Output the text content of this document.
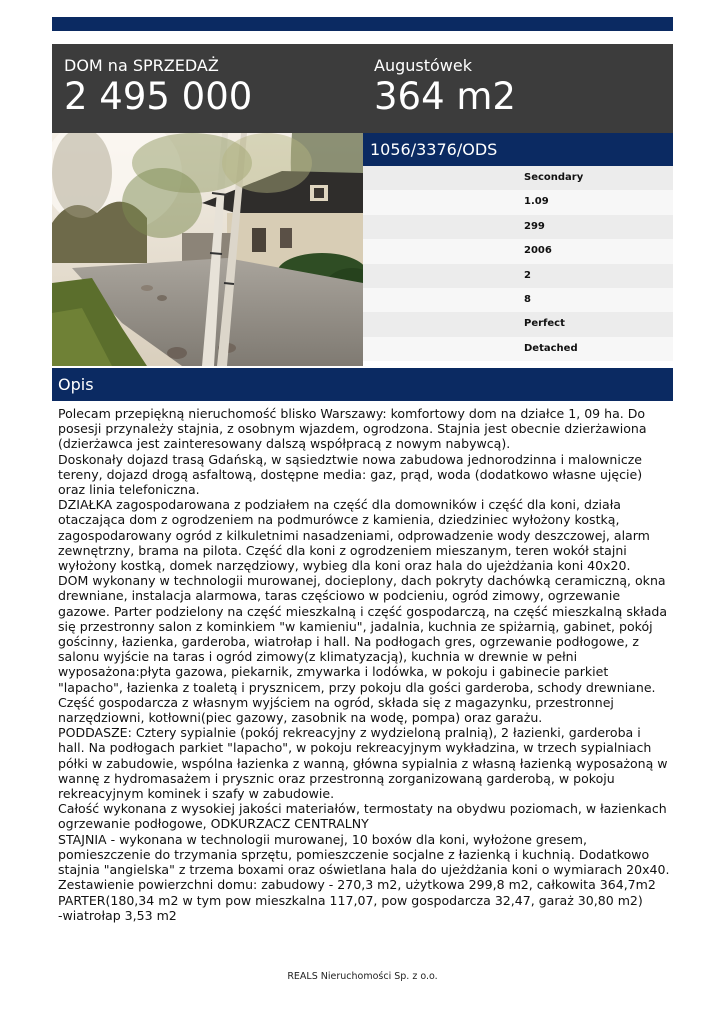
DOM na SPRZEDAŻ
2 495 000
Augustówek
364 m2
1056/3376/ODS
Secondary
1.09
299
2006
2
8
Perfect
Detached
Opis

Polecam przepiękną nieruchomość blisko Warszawy: komfortowy dom na działce 1, 09 ha. Do posesji przynależy stajnia, z osobnym wjazdem, ogrodzona. Stajnia jest obecnie dzierżawiona (dzierżawca jest zainteresowany dalszą współpracą z nowym nabywcą).

Doskonały dojazd trasą Gdańską, w sąsiedztwie nowa zabudowa jednorodzinna i malownicze tereny, dojazd drogą asfaltową, dostępne media: gaz, prąd, woda (dodatkowo własne ujęcie) oraz linia telefoniczna.

DZIAŁKA zagospodarowana z podziałem na część dla domowników i część dla koni, działa otaczająca dom z ogrodzeniem na podmurówce z kamienia, dziedziniec wyłożony kostką, zagospodarowany ogród z kilkuletnimi nasadzeniami, odprowadzenie wody deszczowej, alarm zewnętrzny, brama na pilota. Część dla koni z ogrodzeniem mieszanym, teren wokół stajni wyłożony kostką, domek narzędziowy, wybieg dla koni oraz hala do ujeżdżania koni 40x20.

DOM wykonany w technologii murowanej, docieplony, dach pokryty dachówką ceramiczną, okna drewniane, instalacja alarmowa, taras częściowo w podcieniu, ogród zimowy, ogrzewanie gazowe. Parter podzielony na część mieszkalną i część gospodarczą, na część mieszkalną składa się przestronny salon z kominkiem "w kamieniu", jadalnia, kuchnia ze spiżarnią, gabinet, pokój gościnny, łazienka, garderoba, wiatrołap i hall. Na podłogach gres, ogrzewanie podłogowe, z salonu wyjście na taras i ogród zimowy(z klimatyzacją), kuchnia w drewnie w pełni wyposażona:płyta gazowa, piekarnik, zmywarka i lodówka, w pokoju i gabinecie parkiet "lapacho", łazienka z toaletą i prysznicem, przy pokoju dla gości garderoba, schody drewniane. Część gospodarcza z własnym wyjściem na ogród, składa się z magazynku, przestronnej narzędziowni, kotłowni(piec gazowy, zasobnik na wodę, pompa) oraz garażu.

PODDASZE: Cztery sypialnie (pokój rekreacyjny z wydzieloną pralnią), 2 łazienki, garderoba i hall. Na podłogach parkiet "lapacho", w pokoju rekreacyjnym wykładzina, w trzech sypialniach półki w zabudowie, wspólna łazienka z wanną, główna sypialnia z własną łazienką wyposażoną w wannę z hydromasażem i prysznic oraz przestronną zorganizowaną garderobą, w pokoju rekreacyjnym kominek i szafy w zabudowie.

Całość wykonana z wysokiej jakości materiałów, termostaty na obydwu poziomach, w łazienkach ogrzewanie podłogowe, ODKURZACZ CENTRALNY

STAJNIA - wykonana w technologii murowanej, 10 boxów dla koni, wyłożone gresem, pomieszczenie do trzymania sprzętu, pomieszczenie socjalne z łazienką i kuchnią. Dodatkowo stajnia "angielska" z trzema boxami oraz oświetlana hala do ujeżdżania koni o wymiarach 20x40.

Zestawienie powierzchni domu: zabudowy - 270,3 m2, użytkowa 299,8 m2, całkowita 364,7m2

PARTER(180,34 m2 w tym pow mieszkalna 117,07, pow gospodarcza 32,47, garaż 30,80 m2)

-wiatrołap 3,53 m2

REALS Nieruchomości Sp. z o.o.
